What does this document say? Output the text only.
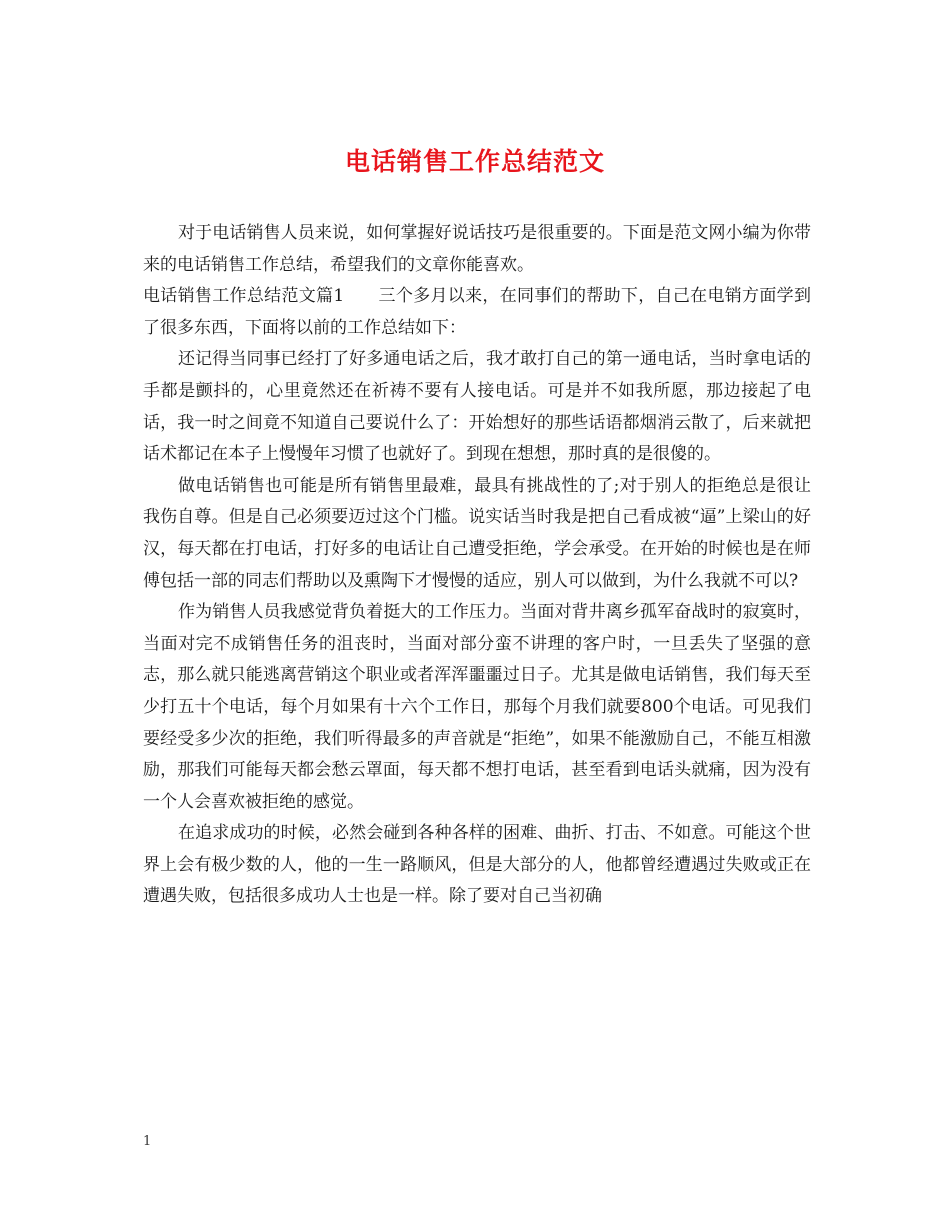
电话销售工作总结范文

对于电话销售人员来说，如何掌握好说话技巧是很重要的。下面是范文网小编为你带来的电话销售工作总结，希望我们的文章你能喜欢。

电话销售工作总结范文篇1 三个多月以来，在同事们的帮助下，自己在电销方面学到了很多东西，下面将以前的工作总结如下：

还记得当同事已经打了好多通电话之后，我才敢打自己的第一通电话，当时拿电话的手都是颤抖的，心里竟然还在祈祷不要有人接电话。可是并不如我所愿，那边接起了电话，我一时之间竟不知道自己要说什么了：开始想好的那些话语都烟消云散了，后来就把话术都记在本子上慢慢年习惯了也就好了。到现在想想，那时真的是很傻的。

做电话销售也可能是所有销售里最难，最具有挑战性的了;对于别人的拒绝总是很让我伤自尊。但是自己必须要迈过这个门槛。说实话当时我是把自己看成被“逼”上梁山的好汉，每天都在打电话，打好多的电话让自己遭受拒绝，学会承受。在开始的时候也是在师傅包括一部的同志们帮助以及熏陶下才慢慢的适应，别人可以做到，为什么我就不可以?

作为销售人员我感觉背负着挺大的工作压力。当面对背井离乡孤军奋战时的寂寞时，当面对完不成销售任务的沮丧时，当面对部分蛮不讲理的客户时，一旦丢失了坚强的意志，那么就只能逃离营销这个职业或者浑浑噩噩过日子。尤其是做电话销售，我们每天至少打五十个电话，每个月如果有十六个工作日，那每个月我们就要800个电话。可见我们要经受多少次的拒绝，我们听得最多的声音就是“拒绝”，如果不能激励自己，不能互相激励，那我们可能每天都会愁云罩面，每天都不想打电话，甚至看到电话头就痛，因为没有一个人会喜欢被拒绝的感觉。

在追求成功的时候，必然会碰到各种各样的困难、曲折、打击、不如意。可能这个世界上会有极少数的人，他的一生一路顺风，但是大部分的人，他都曾经遭遇过失败或正在遭遇失败，包括很多成功人士也是一样。除了要对自己当初确

1
